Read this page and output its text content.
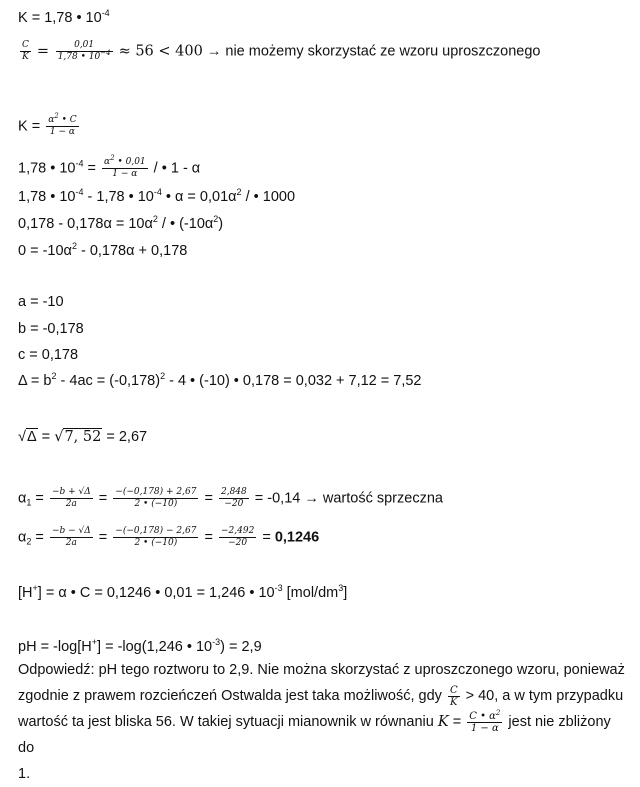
K = 1,78 • $10^{-4}$
$\frac{C}{K} = \frac{0,01}{1,78 • 10^{-4}} \approx 56 < 400$ → nie możemy skorzystać ze wzoru uproszczonego
$K = \frac{\alpha^2 • C}{1 - \alpha}$
1,78 • $10^{-4} = \frac{\alpha^2 • 0,01}{1 - \alpha}$ / • 1 - α
1,78 • $10^{-4} - 1,78$ • $10^{-4}$ • $\alpha = 0,01\alpha^2$ / • 1000
$0,178 - 0,178\alpha = 10\alpha^2$ / • $(-10\alpha^2)$
$0 = -10\alpha^2 - 0,178\alpha + 0,178$
a = -10
b = -0,178
c = 0,178
$\Delta = b^2 - 4ac = (-0,178)^2 - 4$ • (-10) • 0,178 = 0,032 + 7,12 = 7,52
√Δ = √7, 52 = 2,67
$\alpha_1 = \frac{-b + √\Delta}{2a} = \frac{-(-0,178) + 2,67}{2 • (-10)} = \frac{2,848}{-20} = -0,14$ → wartość sprzeczna
$\alpha_2 = \frac{-b - √\Delta}{2a} = \frac{-(-0,178) - 2,67}{2 • (-10)} = \frac{-2,492}{-20} = 0,1246$
[H+] = α • C = 0,1246 • 0,01 = 1,246 • $10^{-3}$ $[mol/dm^3]$
pH = -log[H+] = -log(1,246 • $10^{-3}) = 2,9$
Odpowiedź: pH tego roztworu to 2,9. Nie można skorzystać z uproszczonego wzoru, ponieważ
zgodnie z prawem rozcieńczeń Ostwalda jest taka możliwość, gdy $\frac{C}{K} > 40$, a w tym przypadku
wartość ta jest bliska 56. W takiej sytuacji mianownik w równaniu $K = \frac{C • \alpha^2}{1 - \alpha}$ jest nie zbliżony do
1.
